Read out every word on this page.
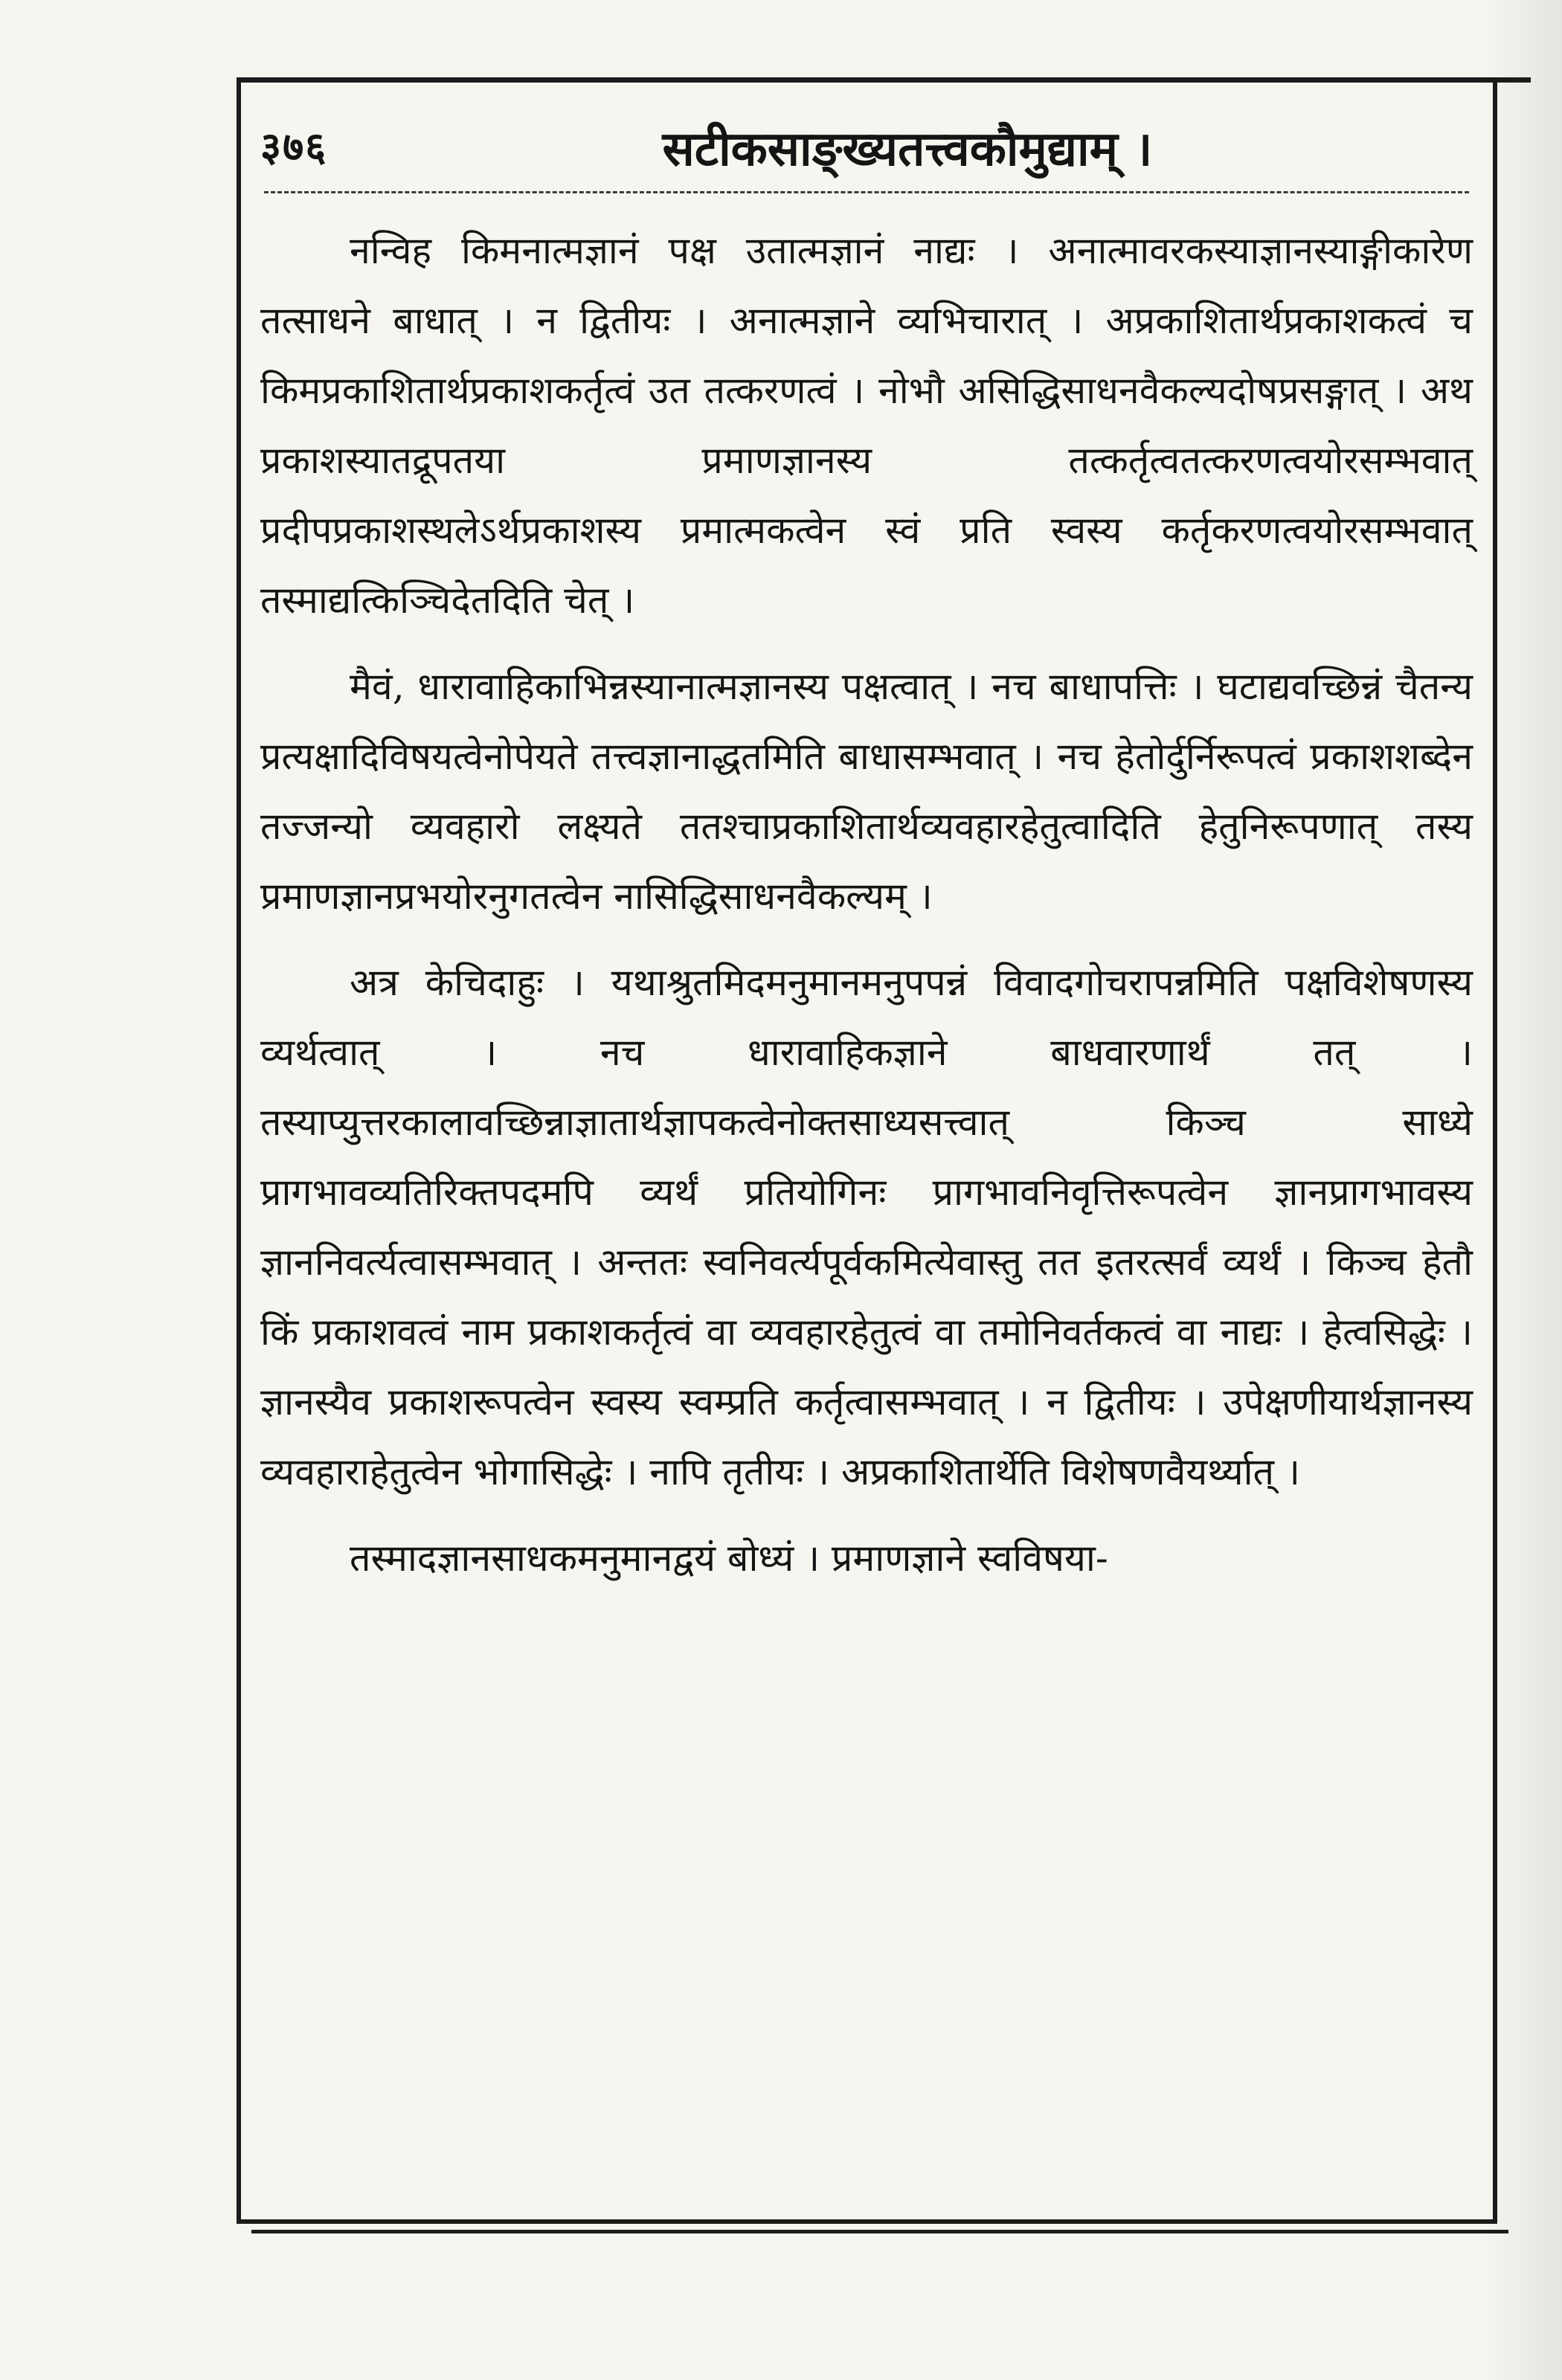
३७६	सटीकसाङ्ख्यतत्त्वकौमुद्याम् ।

नन्विह किमनात्मज्ञानं पक्ष उतात्मज्ञानं नाद्यः । अनात्मावरकस्याज्ञानस्याङ्गीकारेण तत्साधने बाधात् । न द्वितीयः । अनात्मज्ञाने व्यभिचारात् । अप्रकाशितार्थप्रकाशकत्वं च किमप्रकाशितार्थप्रकाशकर्तृत्वं उत तत्करणत्वं । नोभौ असिद्धिसाधनवैकल्यदोषप्रसङ्गात् । अथ प्रकाशस्यातद्रूपतया प्रमाणज्ञानस्य तत्कर्तृत्वतत्करणत्वयोरसम्भवात् प्रदीपप्रकाशस्थलेऽर्थप्रकाशस्य प्रमात्मकत्वेन स्वं प्रति स्वस्य कर्तृकरणत्वयोरसम्भवात् तस्माद्यत्किञ्चिदेतदिति चेत् ।

मैवं, धारावाहिकाभिन्नस्यानात्मज्ञानस्य पक्षत्वात् । नच बाधापत्तिः । घटाद्यवच्छिन्नं चैतन्य प्रत्यक्षादिविषयत्वेनोपेयते तत्त्वज्ञानाद्धतमिति बाधासम्भवात् । नच हेतोर्दुर्निरूपत्वं प्रकाशशब्देन तज्जन्यो व्यवहारो लक्ष्यते ततश्चाप्रकाशितार्थव्यवहारहेतुत्वादिति हेतुनिरूपणात् तस्य प्रमाणज्ञानप्रभयोरनुगतत्वेन नासिद्धिसाधनवैकल्यम् ।

अत्र केचिदाहुः । यथाश्रुतमिदमनुमानमनुपपन्नं विवादगोचरापन्नमिति पक्षविशेषणस्य व्यर्थत्वात् । नच धारावाहिकज्ञाने बाधवारणार्थं तत् । तस्याप्युत्तरकालावच्छिन्नाज्ञातार्थज्ञापकत्वेनोक्तसाध्यसत्त्वात् किञ्च साध्ये प्रागभावव्यतिरिक्तपदमपि व्यर्थं प्रतियोगिनः प्रागभावनिवृत्तिरूपत्वेन ज्ञानप्रागभावस्य ज्ञाननिवर्त्यत्वासम्भवात् । अन्ततः स्वनिवर्त्यपूर्वकमित्येवास्तु तत इतरत्सर्वं व्यर्थं । किञ्च हेतौ किं प्रकाशवत्वं नाम प्रकाशकर्तृत्वं वा व्यवहारहेतुत्वं वा तमोनिवर्तकत्वं वा नाद्यः । हेत्वसिद्धेः । ज्ञानस्यैव प्रकाशरूपत्वेन स्वस्य स्वम्प्रति कर्तृत्वासम्भवात् । न द्वितीयः । उपेक्षणीयार्थज्ञानस्य व्यवहाराहेतुत्वेन भोगासिद्धेः । नापि तृतीयः । अप्रकाशितार्थेति विशेषणवैयर्थ्यात् ।

तस्मादज्ञानसाधकमनुमानद्वयं बोध्यं । प्रमाणज्ञाने स्वविषया-
